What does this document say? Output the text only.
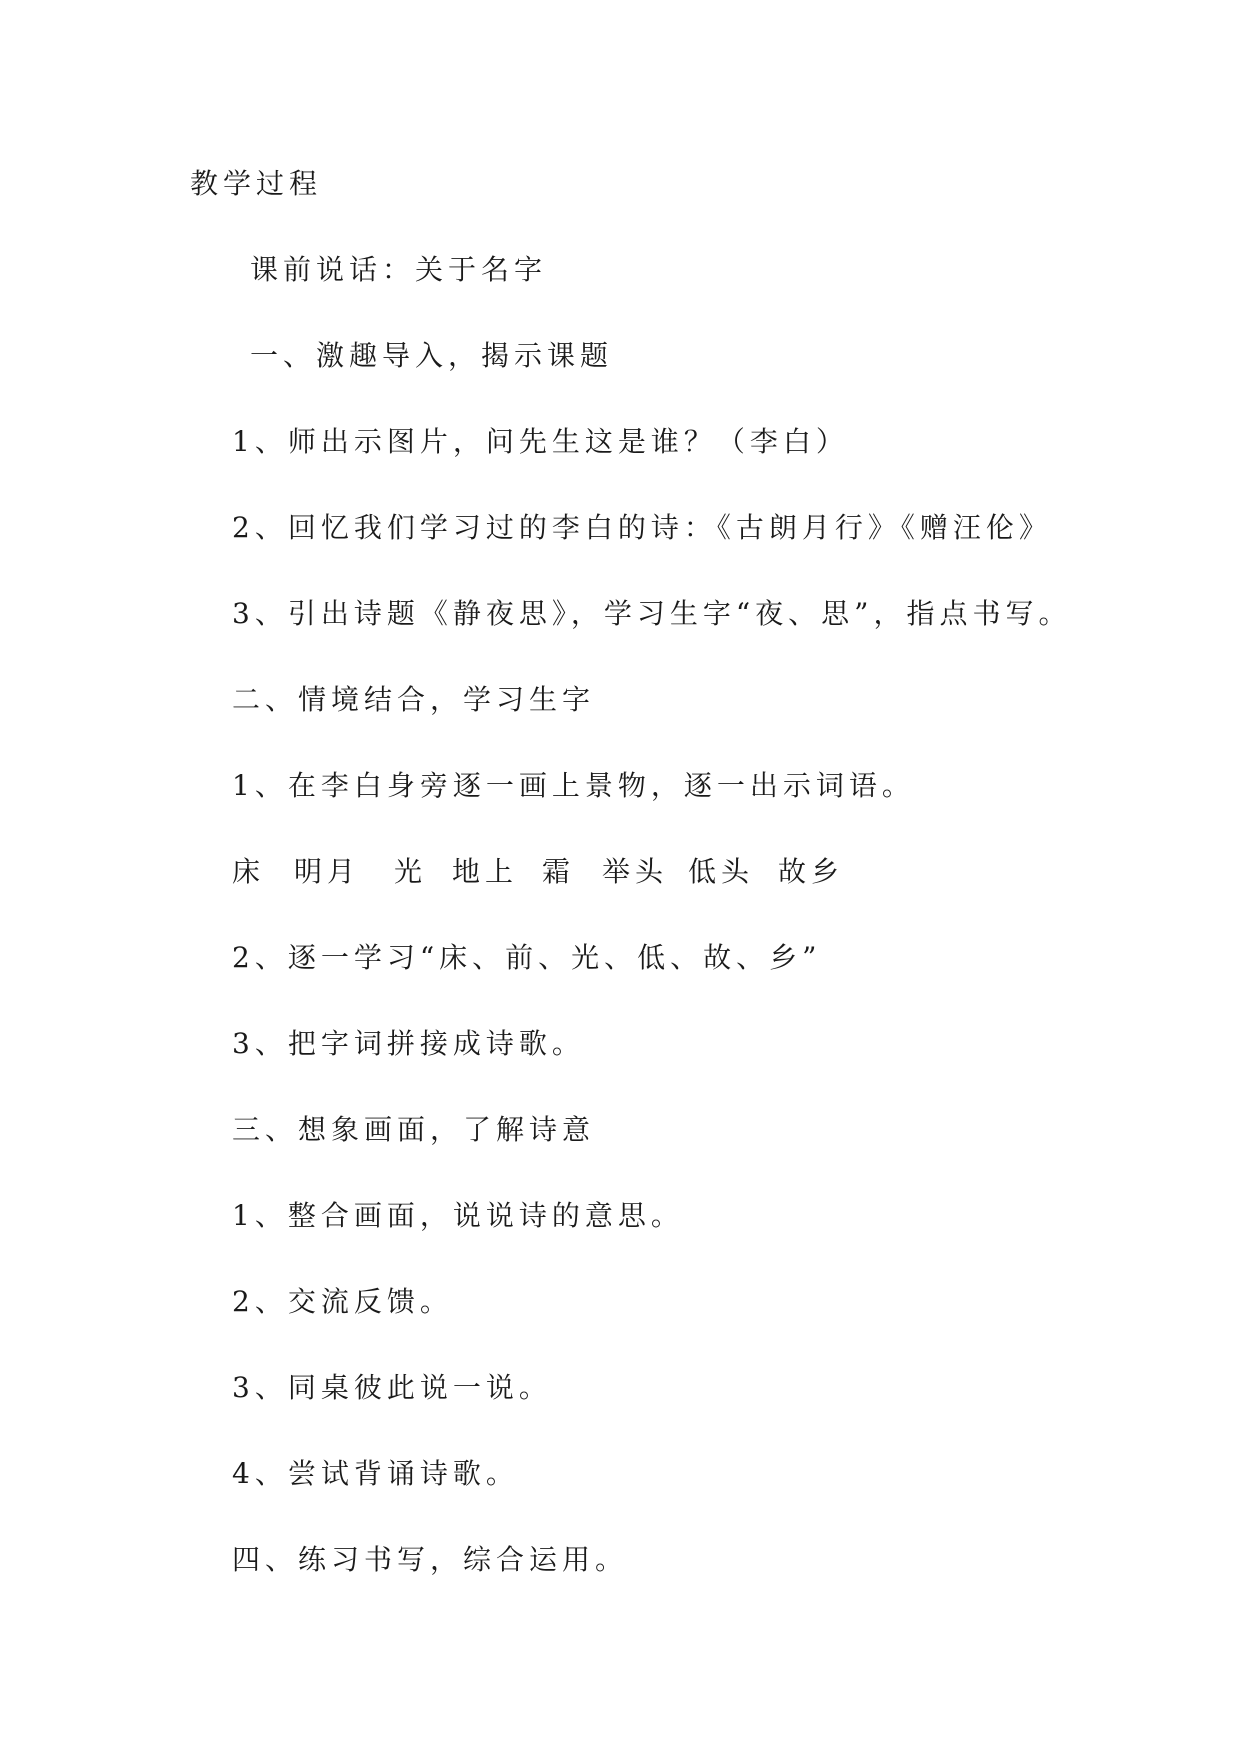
教学过程
课前说话：关于名字
一、激趣导入，揭示课题
1、师出示图片，问先生这是谁？（李白）
2、回忆我们学习过的李白的诗：《古朗月行》《赠汪伦》
3、引出诗题《静夜思》，学习生字“夜、思”，指点书写。
二、情境结合，学习生字
1、在李白身旁逐一画上景物，逐一出示词语。
床	明月	光 地上 霜 举头 低头 故乡
2、逐一学习“床、前、光、低、故、乡”
3、把字词拼接成诗歌。
三、想象画面，了解诗意
1、整合画面，说说诗的意思。
2、交流反馈。
3、同桌彼此说一说。
4、尝试背诵诗歌。
四、练习书写，综合运用。
